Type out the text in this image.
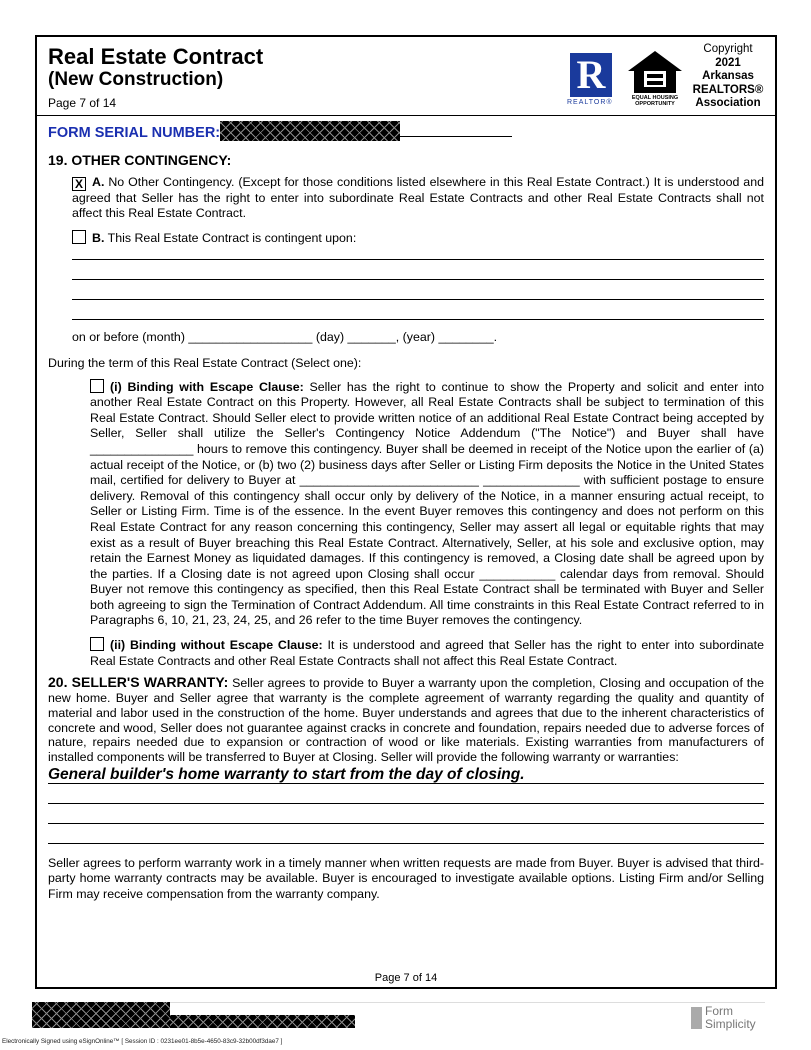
Real Estate Contract
(New Construction)
Page 7 of 14
R
REALTOR®
EQUAL HOUSING OPPORTUNITY
Copyright
2021
Arkansas
REALTORS®
Association
FORM SERIAL NUMBER:
19. OTHER CONTINGENCY:

X A. No Other Contingency. (Except for those conditions listed elsewhere in this Real Estate Contract.) It is understood and agreed that Seller has the right to enter into subordinate Real Estate Contracts and other Real Estate Contracts shall not affect this Real Estate Contract.

B. This Real Estate Contract is contingent upon:

on or before (month) __________________ (day) _______, (year) ________.

During the term of this Real Estate Contract (Select one):

(i) Binding with Escape Clause: Seller has the right to continue to show the Property and solicit and enter into another Real Estate Contract on this Property. However, all Real Estate Contracts shall be subject to termination of this Real Estate Contract. Should Seller elect to provide written notice of an additional Real Estate Contract being accepted by Seller, Seller shall utilize the Seller's Contingency Notice Addendum ("The Notice") and Buyer shall have _______________ hours to remove this contingency. Buyer shall be deemed in receipt of the Notice upon the earlier of (a) actual receipt of the Notice, or (b) two (2) business days after Seller or Listing Firm deposits the Notice in the United States mail, certified for delivery to Buyer at __________________________ ______________ with sufficient postage to ensure delivery. Removal of this contingency shall occur only by delivery of the Notice, in a manner ensuring actual receipt, to Seller or Listing Firm. Time is of the essence. In the event Buyer removes this contingency and does not perform on this Real Estate Contract for any reason concerning this contingency, Seller may assert all legal or equitable rights that may exist as a result of Buyer breaching this Real Estate Contract. Alternatively, Seller, at his sole and exclusive option, may retain the Earnest Money as liquidated damages. If this contingency is removed, a Closing date shall be agreed upon by the parties. If a Closing date is not agreed upon Closing shall occur ___________ calendar days from removal. Should Buyer not remove this contingency as specified, then this Real Estate Contract shall be terminated with Buyer and Seller both agreeing to sign the Termination of Contract Addendum. All time constraints in this Real Estate Contract referred to in Paragraphs 6, 10, 21, 23, 24, 25, and 26 refer to the time Buyer removes the contingency.

(ii) Binding without Escape Clause: It is understood and agreed that Seller has the right to enter into subordinate Real Estate Contracts and other Real Estate Contracts shall not affect this Real Estate Contract.

20. SELLER'S WARRANTY: Seller agrees to provide to Buyer a warranty upon the completion, Closing and occupation of the new home. Buyer and Seller agree that warranty is the complete agreement of warranty regarding the quality and quantity of material and labor used in the construction of the home. Buyer understands and agrees that due to the inherent characteristics of concrete and wood, Seller does not guarantee against cracks in concrete and foundation, repairs needed due to adverse forces of nature, repairs needed due to expansion or contraction of wood or like materials. Existing warranties from manufacturers of installed components will be transferred to Buyer at Closing. Seller will provide the following warranty or warranties:

General builder's home warranty to start from the day of closing.

Seller agrees to perform warranty work in a timely manner when written requests are made from Buyer. Buyer is advised that third-party home warranty contracts may be available. Buyer is encouraged to investigate available options. Listing Firm and/or Selling Firm may receive compensation from the warranty company.

Page 7 of 14
Form
Simplicity
Electronically Signed using eSignOnline™ [ Session ID : 0231ee01-8b5e-4650-83c9-32b00df3dae7 ]
